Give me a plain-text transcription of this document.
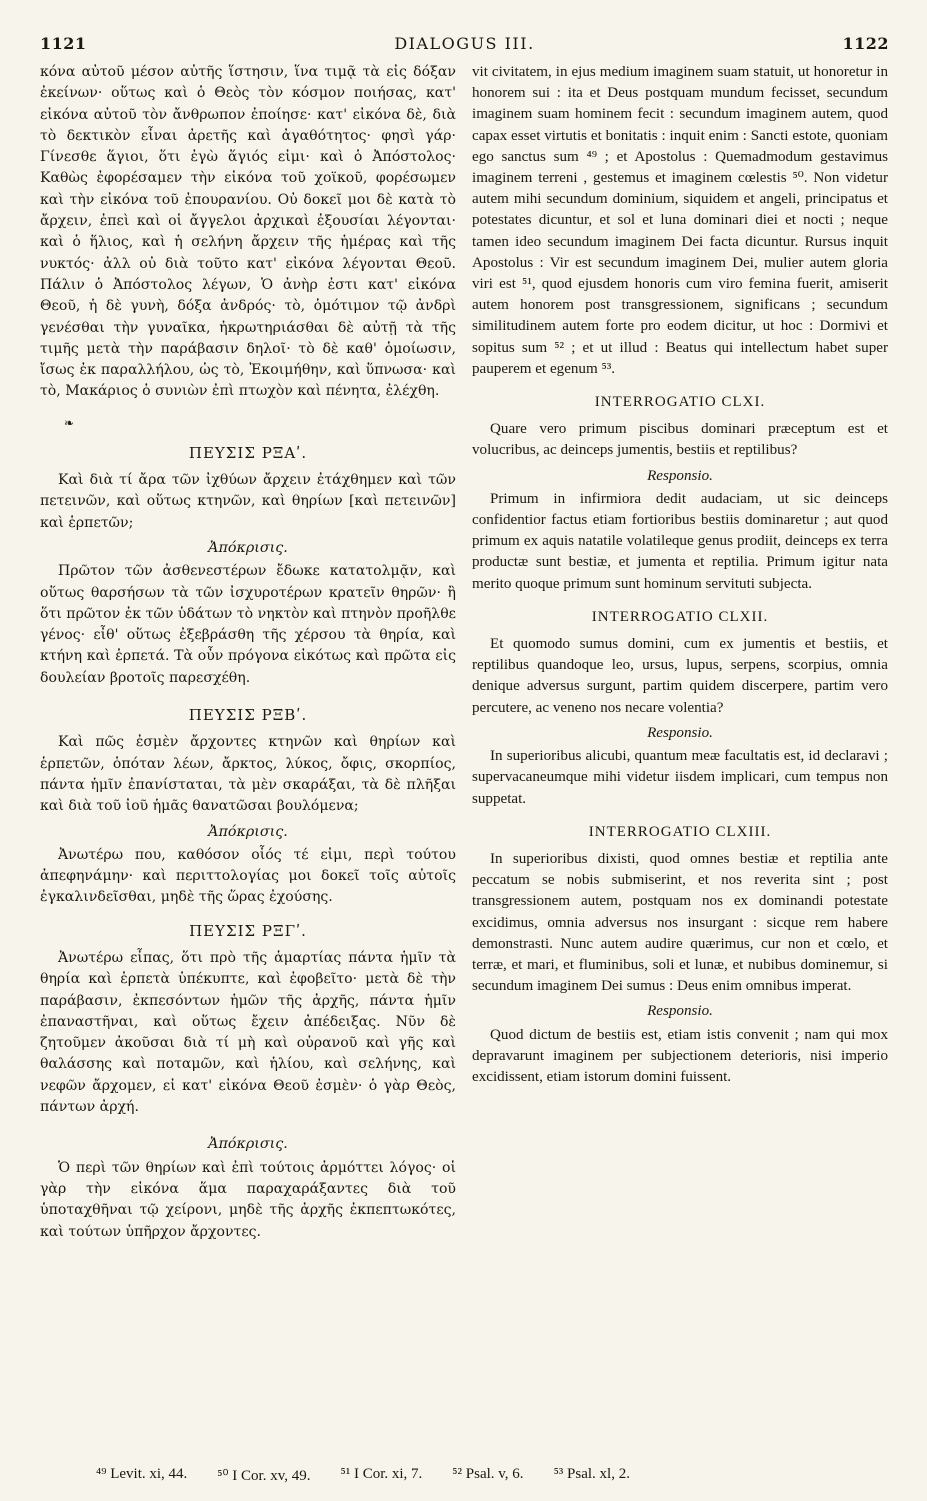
1121	DIALOGUS III.	1122

κόνα αὐτοῦ μέσον αὐτῆς ἵστησιν, ἵνα τιμᾷ τὰ εἰς δόξαν ἐκείνων· οὕτως καὶ ὁ Θεὸς τὸν κόσμον ποιήσας, κατ' εἰκόνα αὐτοῦ τὸν ἄνθρωπον ἐποίησε· κατ' εἰκόνα δὲ, διὰ τὸ δεκτικὸν εἶναι ἀρετῆς καὶ ἀγαθότητος· φησὶ γάρ· Γίνεσθε ἅγιοι, ὅτι ἐγὼ ἅγιός εἰμι· καὶ ὁ Ἀπόστολος· Καθὼς ἐφορέσαμεν τὴν εἰκόνα τοῦ χοϊκοῦ, φορέσωμεν καὶ τὴν εἰκόνα τοῦ ἐπουρανίου. Οὐ δοκεῖ μοι δὲ κατὰ τὸ ἄρχειν, ἐπεὶ καὶ οἱ ἄγγελοι ἀρχικαὶ ἐξουσίαι λέγονται· καὶ ὁ ἥλιος, καὶ ἡ σελήνη ἄρχειν τῆς ἡμέρας καὶ τῆς νυκτός· ἀλλ οὐ διὰ τοῦτο κατ' εἰκόνα λέγονται Θεοῦ. Πάλιν ὁ Ἀπόστολος λέγων, Ὁ ἀνὴρ ἐστι κατ' εἰκόνα Θεοῦ, ἡ δὲ γυνὴ, δόξα ἀνδρός· τὸ, ὁμότιμον τῷ ἀνδρὶ γενέσθαι τὴν γυναῖκα, ἠκρωτηριάσθαι δὲ αὐτῇ τὰ τῆς τιμῆς μετὰ τὴν παράβασιν δηλοῖ· τὸ δὲ καθ' ὁμοίωσιν, ἴσως ἐκ παραλλήλου, ὡς τὸ, Ἐκοιμήθην, καὶ ὕπνωσα· καὶ τὸ, Μακάριος ὁ συνιὼν ἐπὶ πτωχὸν καὶ πένητα, ἐλέχθη.

❧
ΠΕΥΣΙΣ ΡΞΑʹ.

Καὶ διὰ τί ἄρα τῶν ἰχθύων ἄρχειν ἐτάχθημεν καὶ τῶν πετεινῶν, καὶ οὕτως κτηνῶν, καὶ θηρίων [καὶ πετεινῶν] καὶ ἑρπετῶν;

Ἀπόκρισις.

Πρῶτον τῶν ἀσθενεστέρων ἔδωκε κατατολμᾷν, καὶ οὕτως θαρσήσων τὰ τῶν ἰσχυροτέρων κρατεῖν θηρῶν· ἢ ὅτι πρῶτον ἐκ τῶν ὑδάτων τὸ νηκτὸν καὶ πτηνὸν προῆλθε γένος· εἶθ' οὕτως ἐξεβράσθη τῆς χέρσου τὰ θηρία, καὶ κτήνη καὶ ἑρπετά. Τὰ οὖν πρόγονα εἰκότως καὶ πρῶτα εἰς δουλείαν βροτοῖς παρεσχέθη.

ΠΕΥΣΙΣ ΡΞΒʹ.

Καὶ πῶς ἐσμὲν ἄρχοντες κτηνῶν καὶ θηρίων καὶ ἑρπετῶν, ὁπόταν λέων, ἄρκτος, λύκος, ὄφις, σκορπίος, πάντα ἡμῖν ἐπανίσταται, τὰ μὲν σκαράξαι, τὰ δὲ πλῆξαι καὶ διὰ τοῦ ἰοῦ ἡμᾶς θανατῶσαι βουλόμενα;

Ἀπόκρισις.

Ἀνωτέρω που, καθόσον οἷός τέ εἰμι, περὶ τούτου ἀπεφηνάμην· καὶ περιττολογίας μοι δοκεῖ τοῖς αὐτοῖς ἐγκαλινδεῖσθαι, μηδὲ τῆς ὥρας ἐχούσης.

ΠΕΥΣΙΣ ΡΞΓʹ.

Ἀνωτέρω εἶπας, ὅτι πρὸ τῆς ἁμαρτίας πάντα ἡμῖν τὰ θηρία καὶ ἑρπετὰ ὑπέκυπτε, καὶ ἐφοβεῖτο· μετὰ δὲ τὴν παράβασιν, ἐκπεσόντων ἡμῶν τῆς ἀρχῆς, πάντα ἡμῖν ἐπαναστῆναι, καὶ οὕτως ἔχειν ἀπέδειξας. Νῦν δὲ ζητοῦμεν ἀκοῦσαι διὰ τί μὴ καὶ οὐρανοῦ καὶ γῆς καὶ θαλάσσης καὶ ποταμῶν, καὶ ἡλίου, καὶ σελήνης, καὶ νεφῶν ἄρχομεν, εἰ κατ' εἰκόνα Θεοῦ ἐσμὲν· ὁ γὰρ Θεὸς, πάντων ἀρχή.

Ἀπόκρισις.

Ὁ περὶ τῶν θηρίων καὶ ἐπὶ τούτοις ἁρμόττει λόγος· οἱ γὰρ τὴν εἰκόνα ἅμα παραχαράξαντες διὰ τοῦ ὑποταχθῆναι τῷ χείρονι, μηδὲ τῆς ἀρχῆς ἐκπεπτωκότες, καὶ τούτων ὑπῆρχον ἄρχοντες.

vit civitatem, in ejus medium imaginem suam statuit, ut honoretur in honorem sui : ita et Deus postquam mundum fecisset, secundum imaginem suam hominem fecit : secundum imaginem autem, quod capax esset virtutis et bonitatis : inquit enim : Sancti estote, quoniam ego sanctus sum ⁴⁹ ; et Apostolus : Quemadmodum gestavimus imaginem terreni , gestemus et imaginem cœlestis ⁵⁰. Non videtur autem mihi secundum dominium, siquidem et angeli, principatus et potestates dicuntur, et sol et luna dominari diei et nocti ; neque tamen ideo secundum imaginem Dei facta dicuntur. Rursus inquit Apostolus : Vir est secundum imaginem Dei, mulier autem gloria viri est ⁵¹, quod ejusdem honoris cum viro femina fuerit, amiserit autem honorem post transgressionem, significans ; secundum similitudinem autem forte pro eodem dicitur, ut hoc : Dormivi et sopitus sum ⁵² ; et ut illud : Beatus qui intellectum habet super pauperem et egenum ⁵³.

INTERROGATIO CLXI.

Quare vero primum piscibus dominari præceptum est et volucribus, ac deinceps jumentis, bestiis et reptilibus?

Responsio.

Primum in infirmiora dedit audaciam, ut sic deinceps confidentior factus etiam fortioribus bestiis dominaretur ; aut quod primum ex aquis natatile volatileque genus prodiit, deinceps ex terra productæ sunt bestiæ, et jumenta et reptilia. Primum igitur nata merito quoque primum sunt hominum servituti subjecta.

INTERROGATIO CLXII.

Et quomodo sumus domini, cum ex jumentis et bestiis, et reptilibus quandoque leo, ursus, lupus, serpens, scorpius, omnia denique adversus surgunt, partim quidem discerpere, partim vero percutere, ac veneno nos necare volentia?

Responsio.

In superioribus alicubi, quantum meæ facultatis est, id declaravi ; supervacaneumque mihi videtur iisdem implicari, cum tempus non suppetat.

INTERROGATIO CLXIII.

In superioribus dixisti, quod omnes bestiæ et reptilia ante peccatum se nobis submiserint, et nos reverita sint ; post transgressionem autem, postquam nos ex dominandi potestate excidimus, omnia adversus nos insurgant : sicque rem habere demonstrasti. Nunc autem audire quærimus, cur non et cœlo, et terræ, et mari, et fluminibus, soli et lunæ, et nubibus dominemur, si secundum imaginem Dei sumus : Deus enim omnibus imperat.

Responsio.

Quod dictum de bestiis est, etiam istis convenit ; nam qui mox depravarunt imaginem per subjectionem deterioris, nisi imperio excidissent, etiam istorum domini fuissent.

⁴⁹ Levit. xi, 44. ⁵⁰ I Cor. xv, 49. ⁵¹ I Cor. xi, 7. ⁵² Psal. v, 6. ⁵³ Psal. xl, 2.
